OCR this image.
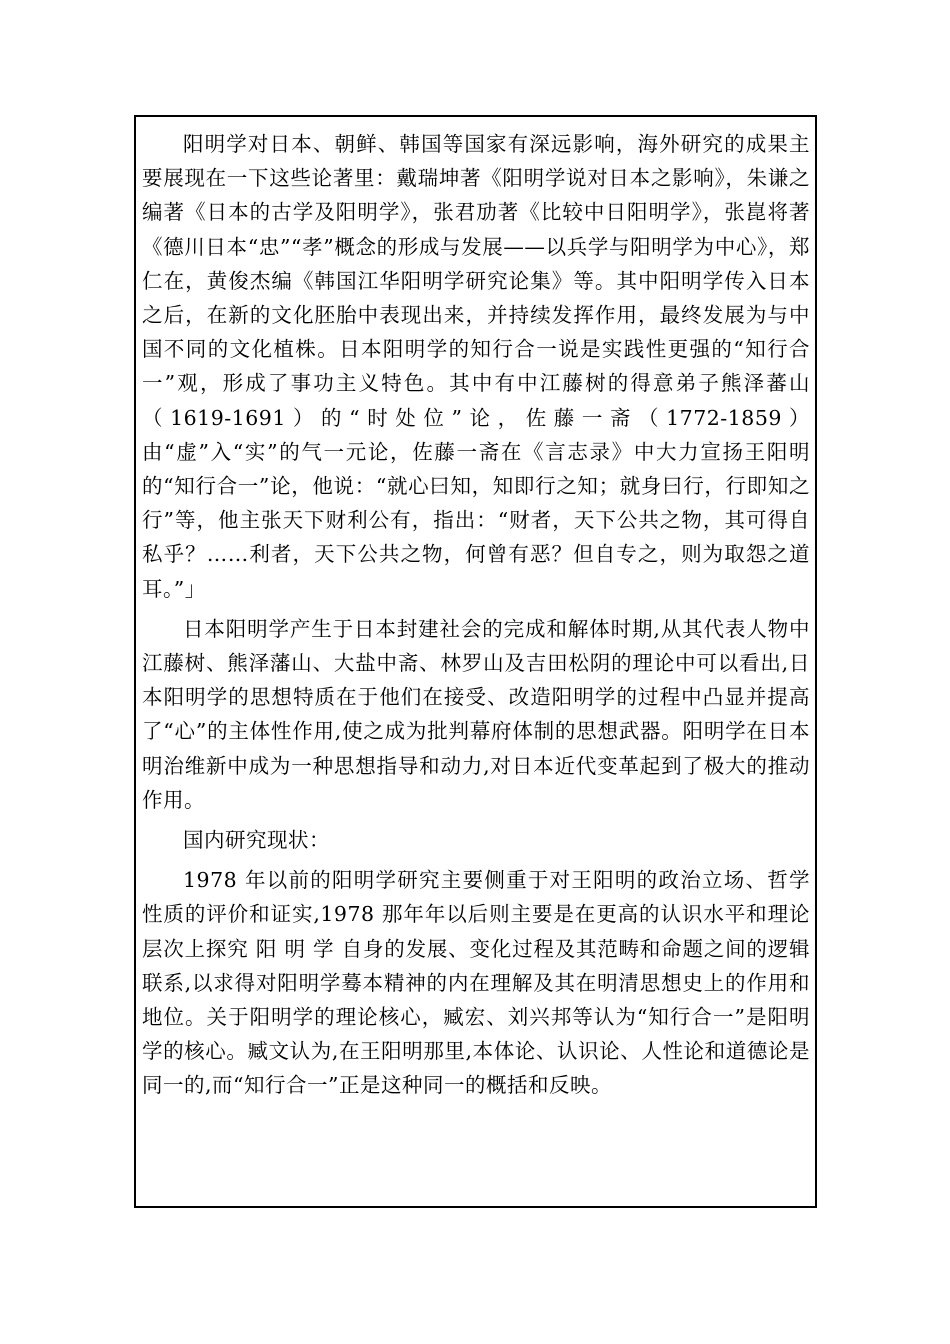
阳明学对日本、朝鲜、韩国等国家有深远影响，海外研究的成果主要展现在一下这些论著里：戴瑞坤著《阳明学说对日本之影响》，朱谦之编著《日本的古学及阳明学》，张君劢著《比较中日阳明学》，张崑将著《德川日本“忠”“孝”概念的形成与发展——以兵学与阳明学为中心》，郑仁在，黄俊杰编《韩国江华阳明学研究论集》等。其中阳明学传入日本之后，在新的文化胚胎中表现出来，并持续发挥作用，最终发展为与中国不同的文化植株。日本阳明学的知行合一说是实践性更强的“知行合一”观，形成了事功主义特色。其中有中江藤树的得意弟子熊泽蕃山（1619-1691）的“时处位”论，佐藤一斋（1772-1859）由“虚”入“实”的气一元论，佐藤一斋在《言志录》中大力宣扬王阳明的“知行合一”论，他说：“就心曰知，知即行之知；就身曰行，行即知之行”等，他主张天下财利公有，指出：“财者，天下公共之物，其可得自私乎？……利者，天下公共之物，何曾有恶？但自专之，则为取怨之道耳。”」

日本阳明学产生于日本封建社会的完成和解体时期,从其代表人物中江藤树、熊泽藩山、大盐中斋、林罗山及吉田松阴的理论中可以看出,日本阳明学的思想特质在于他们在接受、改造阳明学的过程中凸显并提高了“心”的主体性作用,使之成为批判幕府体制的思想武器。阳明学在日本明治维新中成为一种思想指导和动力,对日本近代变革起到了极大的推动作用。

国内研究现状：

1978 年以前的阳明学研究主要侧重于对王阳明的政治立场、哲学性质的评价和证实,1978 那年年以后则主要是在更高的认识水平和理论层次上探究 阳 明 学 自身的发展、变化过程及其范畴和命题之间的逻辑联系,以求得对阳明学蓦本精神的内在理解及其在明清思想史上的作用和地位。关于阳明学的理论核心，臧宏、刘兴邦等认为“知行合一”是阳明学的核心。臧文认为,在王阳明那里,本体论、认识论、人性论和道德论是同一的,而“知行合一”正是这种同一的概括和反映。
